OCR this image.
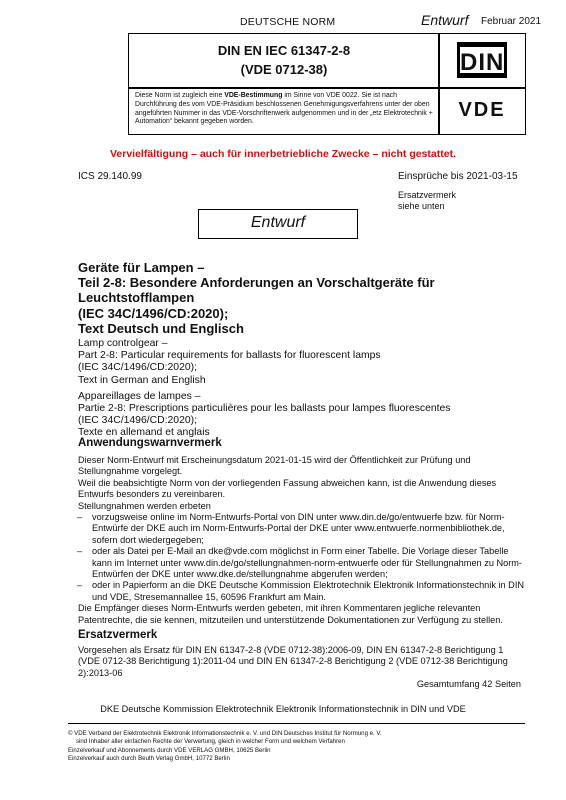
DEUTSCHE NORM	Entwurf Februar 2021
DIN EN IEC 61347-2-8
(VDE 0712-38)	DIN

Diese Norm ist zugleich eine VDE-Bestimmung im Sinne von VDE 0022. Sie ist nach Durchführung des vom VDE-Präsidium beschlossenen Genehmigungsverfahrens unter der oben angeführten Nummer in das VDE-Vorschriftenwerk aufgenommen und in der „etz Elektrotechnik + Automation“ bekannt gegeben worden.

VDE
Vervielfältigung – auch für innerbetriebliche Zwecke – nicht gestattet.
ICS 29.140.99	Einsprüche bis 2021-03-15
Ersatzvermerk
siehe unten
Entwurf
Geräte für Lampen –
Teil 2-8: Besondere Anforderungen an Vorschaltgeräte für
Leuchtstofflampen
(IEC 34C/1496/CD:2020);
Text Deutsch und Englisch
Lamp controlgear –
Part 2-8: Particular requirements for ballasts for fluorescent lamps
(IEC 34C/1496/CD:2020);
Text in German and English
Appareillages de lampes –
Partie 2-8: Prescriptions particulières pour les ballasts pour lampes fluorescentes
(IEC 34C/1496/CD:2020);
Texte en allemand et anglais
Anwendungswarnvermerk

Dieser Norm-Entwurf mit Erscheinungsdatum 2021-01-15 wird der Öffentlichkeit zur Prüfung und Stellungnahme vorgelegt.

Weil die beabsichtigte Norm von der vorliegenden Fassung abweichen kann, ist die Anwendung dieses Entwurfs besonders zu vereinbaren.

Stellungnahmen werden erbeten

– vorzugsweise online im Norm-Entwurfs-Portal von DIN unter www.din.de/go/entwuerfe bzw. für Norm-Entwürfe der DKE auch im Norm-Entwurfs-Portal der DKE unter www.entwuerfe.normenbibliothek.de, sofern dort wiedergegeben;
– oder als Datei per E-Mail an dke@vde.com möglichst in Form einer Tabelle. Die Vorlage dieser Tabelle kann im Internet unter www.din.de/go/stellungnahmen-norm-entwuerfe oder für Stellungnahmen zu Norm-Entwürfen der DKE unter www.dke.de/stellungnahme abgerufen werden;
– oder in Papierform an die DKE Deutsche Kommission Elektrotechnik Elektronik Informationstechnik in DIN und VDE, Stresemannallee 15, 60596 Frankfurt am Main.

Die Empfänger dieses Norm-Entwurfs werden gebeten, mit ihren Kommentaren jegliche relevanten Patentrechte, die sie kennen, mitzuteilen und unterstützende Dokumentationen zur Verfügung zu stellen.

Ersatzvermerk

Vorgesehen als Ersatz für DIN EN 61347-2-8 (VDE 0712-38):2006-09, DIN EN 61347-2-8 Berichtigung 1 (VDE 0712-38 Berichtigung 1):2011-04 und DIN EN 61347-2-8 Berichtigung 2 (VDE 0712-38 Berichtigung 2):2013-06

Gesamtumfang 42 Seiten
DKE Deutsche Kommission Elektrotechnik Elektronik Informationstechnik in DIN und VDE

© VDE Verband der Elektrotechnik Elektronik Informationstechnik e. V. und DIN Deutsches Institut für Normung e. V.

sind Inhaber aller einfachen Rechte der Verwertung, gleich in welcher Form und welchem Verfahren

Einzelverkauf und Abonnements durch VDE VERLAG GMBH, 10625 Berlin

Einzelverkauf auch durch Beuth Verlag GmbH, 10772 Berlin
